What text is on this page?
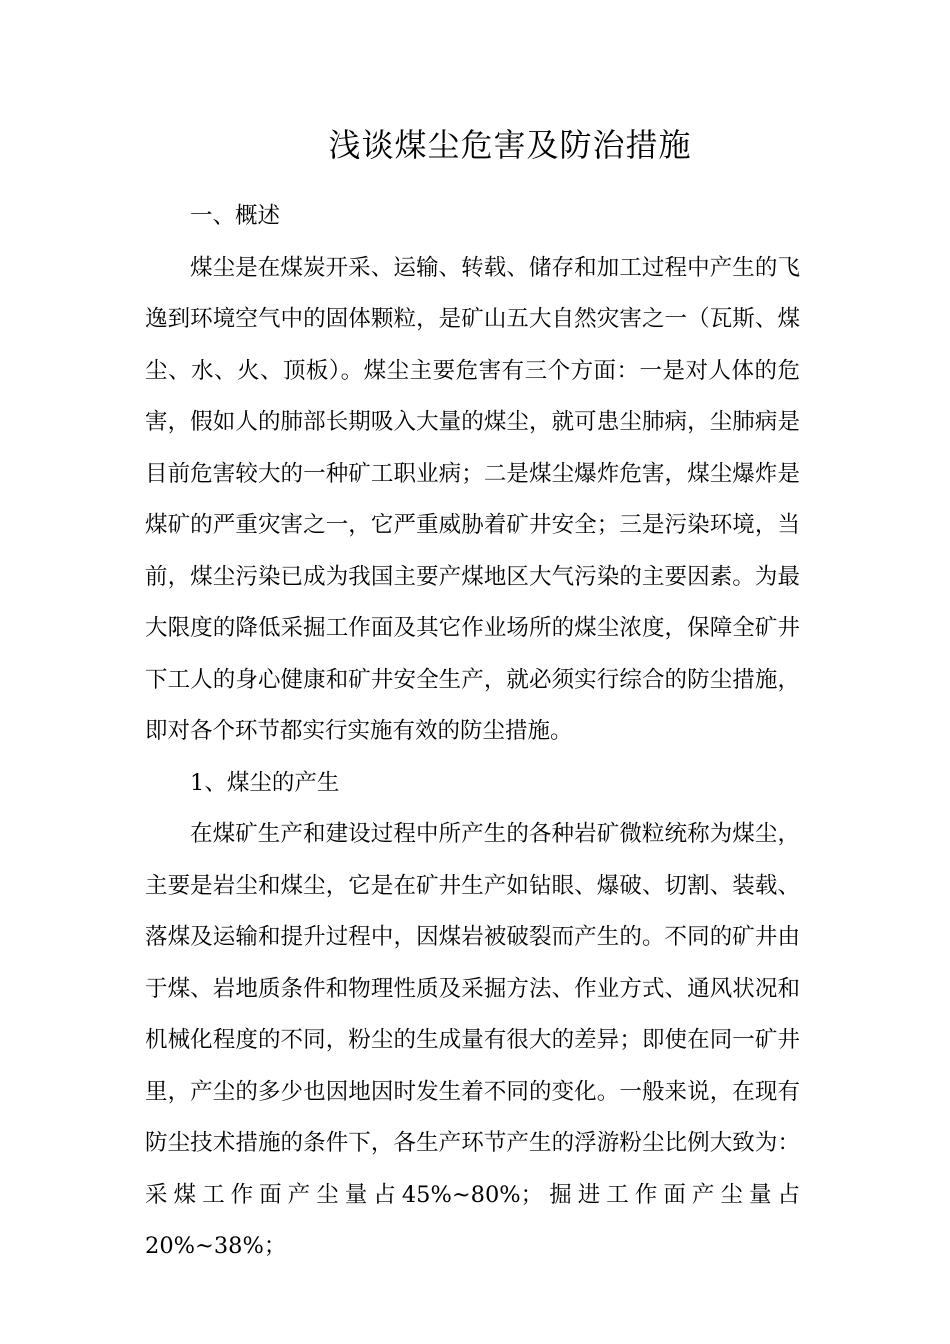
浅谈煤尘危害及防治措施

一、概述

煤尘是在煤炭开采、运输、转载、储存和加工过程中产生的飞逸到环境空气中的固体颗粒，是矿山五大自然灾害之一（瓦斯、煤尘、水、火、顶板）。煤尘主要危害有三个方面：一是对人体的危害，假如人的肺部长期吸入大量的煤尘，就可患尘肺病，尘肺病是目前危害较大的一种矿工职业病；二是煤尘爆炸危害，煤尘爆炸是煤矿的严重灾害之一，它严重威胁着矿井安全；三是污染环境，当前，煤尘污染已成为我国主要产煤地区大气污染的主要因素。为最大限度的降低采掘工作面及其它作业场所的煤尘浓度，保障全矿井下工人的身心健康和矿井安全生产，就必须实行综合的防尘措施，即对各个环节都实行实施有效的防尘措施。

1、煤尘的产生

在煤矿生产和建设过程中所产生的各种岩矿微粒统称为煤尘，主要是岩尘和煤尘，它是在矿井生产如钻眼、爆破、切割、装载、落煤及运输和提升过程中，因煤岩被破裂而产生的。不同的矿井由于煤、岩地质条件和物理性质及采掘方法、作业方式、通风状况和机械化程度的不同，粉尘的生成量有很大的差异；即使在同一矿井里，产尘的多少也因地因时发生着不同的变化。一般来说，在现有防尘技术措施的条件下，各生产环节产生的浮游粉尘比例大致为：采煤工作面产尘量占45%~80%；掘进工作面产尘量占20%~38%；
